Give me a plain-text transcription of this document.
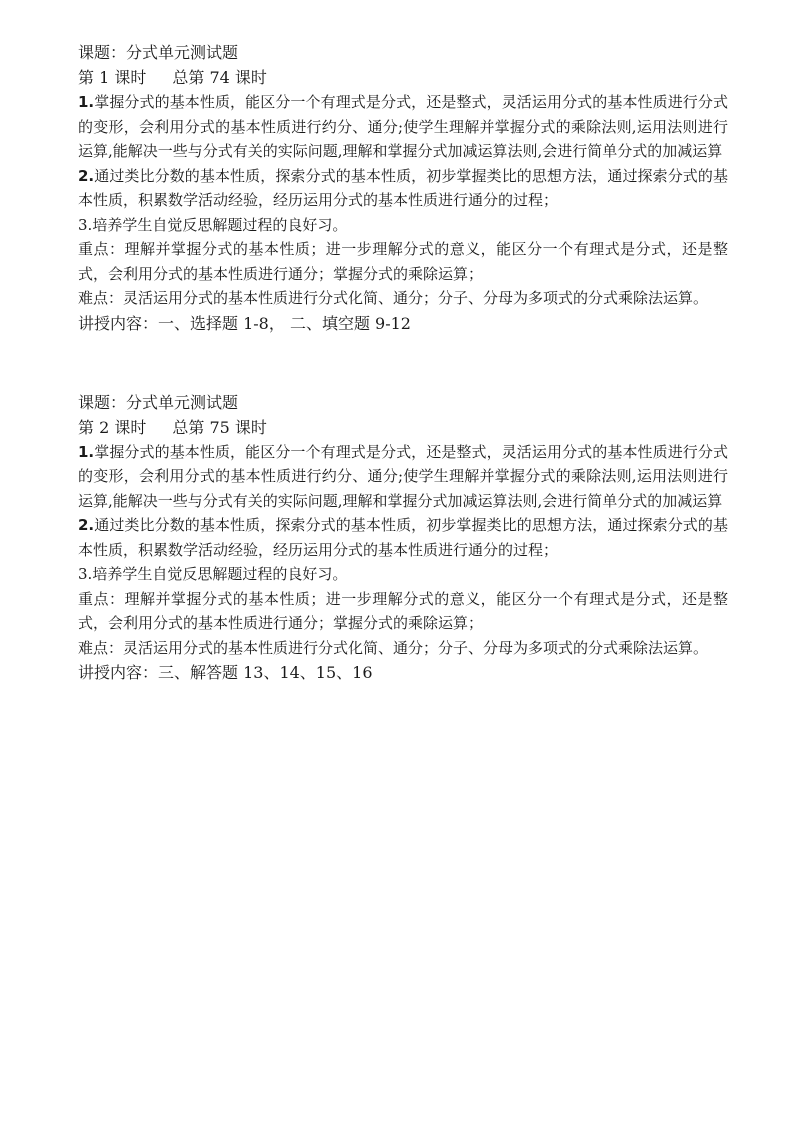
课题：分式单元测试题

第 1 课时 总第 74 课时

1.掌握分式的基本性质，能区分一个有理式是分式，还是整式，灵活运用分式的基本性质进行分式的变形，会利用分式的基本性质进行约分、通分;使学生理解并掌握分式的乘除法则,运用法则进行运算,能解决一些与分式有关的实际问题,理解和掌握分式加减运算法则,会进行简单分式的加减运算

2.通过类比分数的基本性质，探索分式的基本性质，初步掌握类比的思想方法，通过探索分式的基本性质，积累数学活动经验，经历运用分式的基本性质进行通分的过程；

3.培养学生自觉反思解题过程的良好习。

重点：理解并掌握分式的基本性质；进一步理解分式的意义，能区分一个有理式是分式，还是整式，会利用分式的基本性质进行通分；掌握分式的乘除运算；

难点：灵活运用分式的基本性质进行分式化简、通分；分子、分母为多项式的分式乘除法运算。

讲授内容：一、选择题 1-8， 二、填空题 9-12

课题：分式单元测试题

第 2 课时 总第 75 课时

1.掌握分式的基本性质，能区分一个有理式是分式，还是整式，灵活运用分式的基本性质进行分式的变形，会利用分式的基本性质进行约分、通分;使学生理解并掌握分式的乘除法则,运用法则进行运算,能解决一些与分式有关的实际问题,理解和掌握分式加减运算法则,会进行简单分式的加减运算

2.通过类比分数的基本性质，探索分式的基本性质，初步掌握类比的思想方法，通过探索分式的基本性质，积累数学活动经验，经历运用分式的基本性质进行通分的过程；

3.培养学生自觉反思解题过程的良好习。

重点：理解并掌握分式的基本性质；进一步理解分式的意义，能区分一个有理式是分式，还是整式，会利用分式的基本性质进行通分；掌握分式的乘除运算；

难点：灵活运用分式的基本性质进行分式化简、通分；分子、分母为多项式的分式乘除法运算。

讲授内容：三、解答题 13、14、15、16
